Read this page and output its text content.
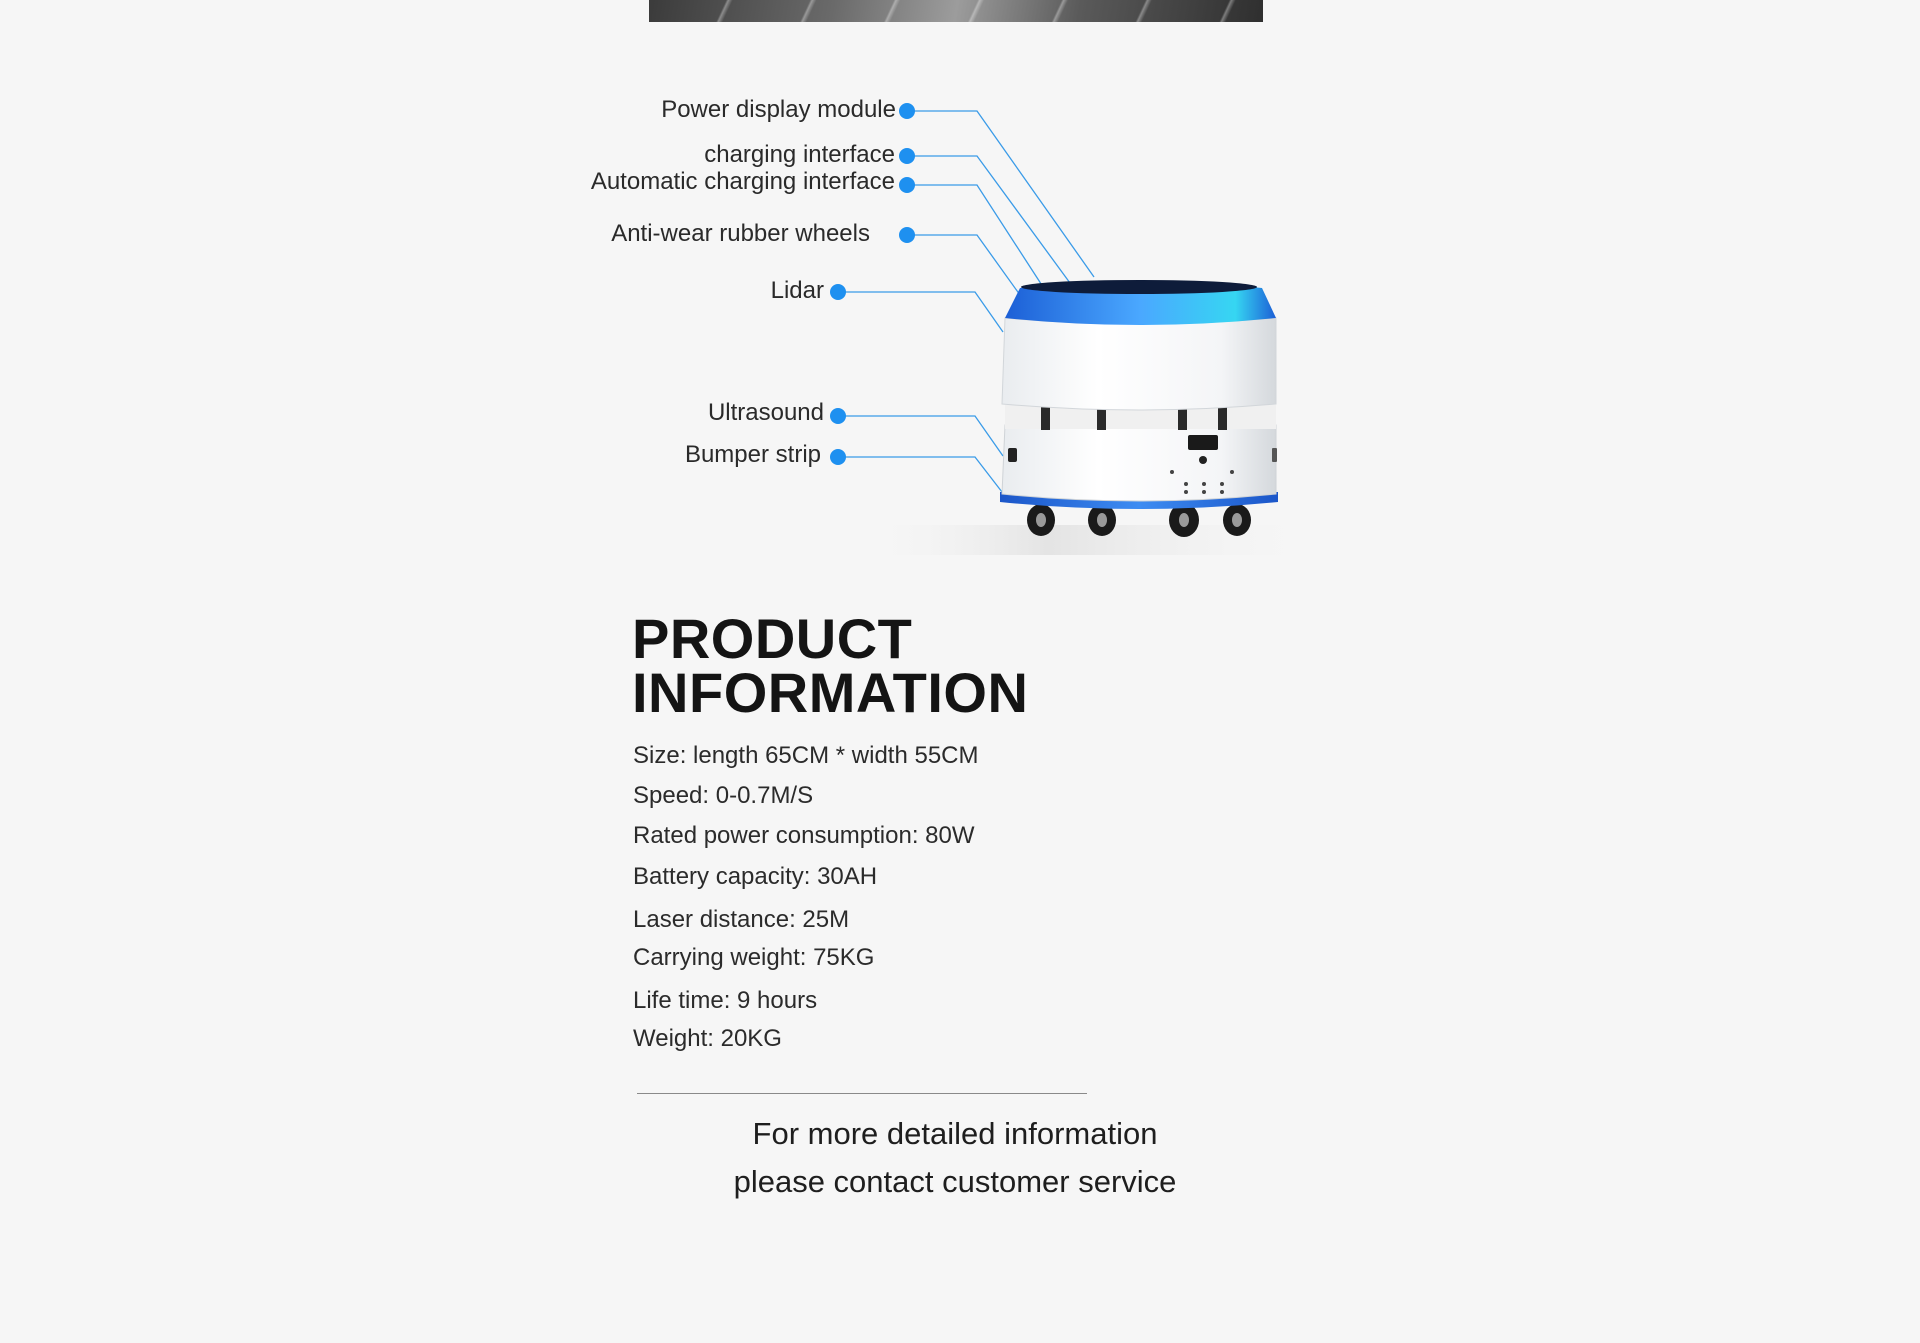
Power display module
charging interface
Automatic charging interface
Anti-wear rubber wheels
Lidar
Ultrasound
Bumper strip
PRODUCT
INFORMATION
Size: length 65CM * width 55CM
Speed: 0-0.7M/S
Rated power consumption: 80W
Battery capacity: 30AH
Laser distance: 25M
Carrying weight: 75KG
Life time: 9 hours
Weight: 20KG
For more detailed information
please contact customer service
